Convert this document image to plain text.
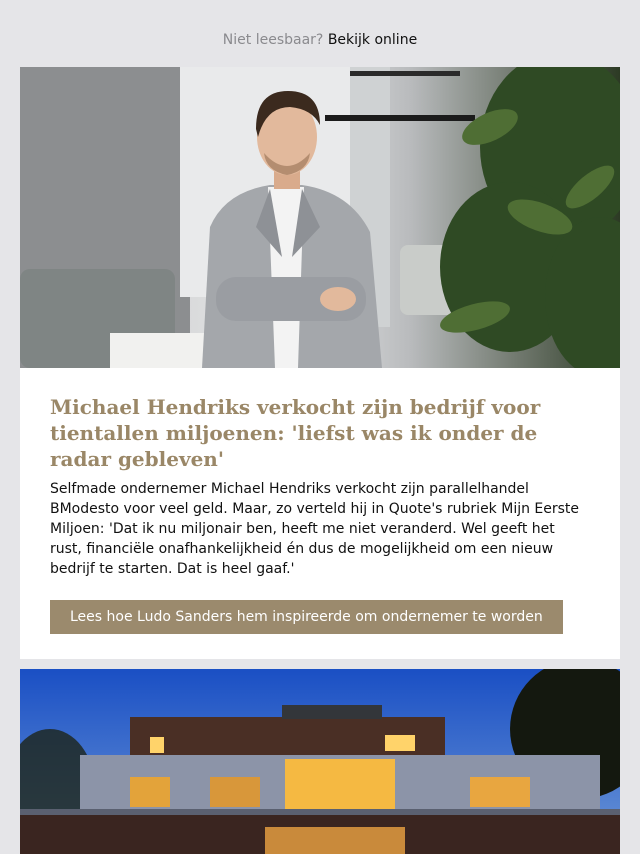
Niet leesbaar? Bekijk online
Michael Hendriks verkocht zijn bedrijf voor tientallen miljoenen: 'liefst was ik onder de radar gebleven'

Selfmade ondernemer Michael Hendriks verkocht zijn parallelhandel BModesto voor veel geld. Maar, zo verteld hij in Quote's rubriek Mijn Eerste Miljoen: 'Dat ik nu miljonair ben, heeft me niet veranderd. Wel geeft het rust, financiële onafhankelijkheid én dus de mogelijkheid om een nieuw bedrijf te starten. Dat is heel gaaf.'

Lees hoe Ludo Sanders hem inspireerde om ondernemer te worden
